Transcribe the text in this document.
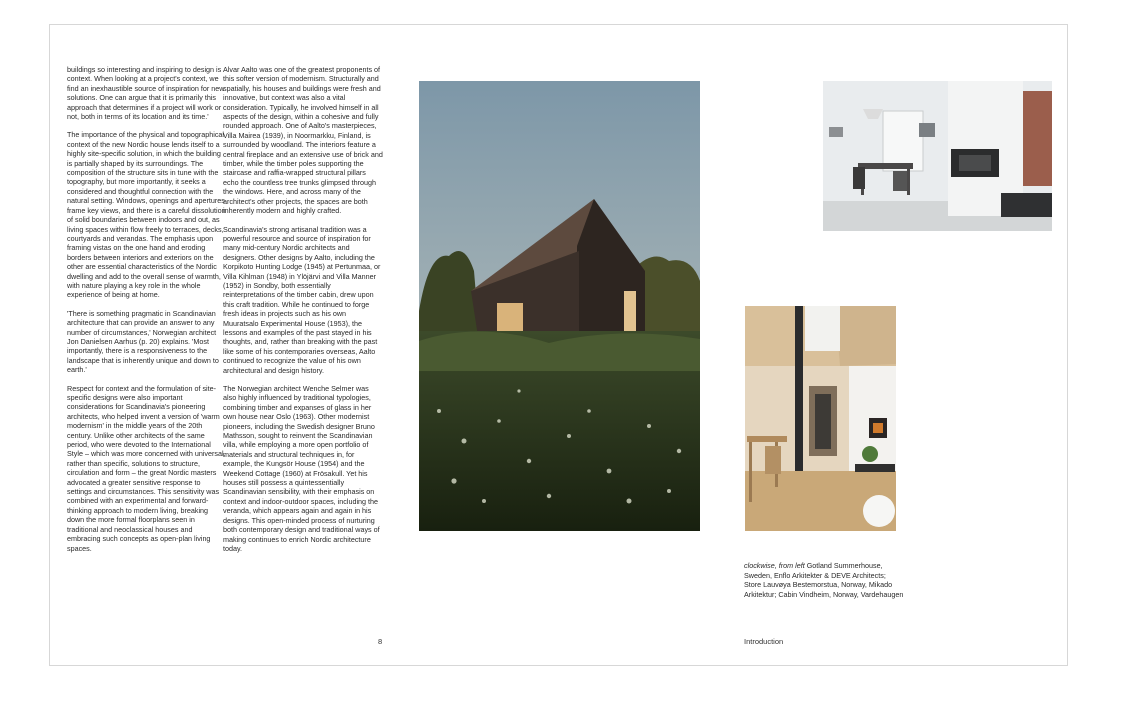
buildings so interesting and inspiring to design is context. When looking at a project's context, we find an inexhaustible source of inspiration for new solutions. One can argue that it is primarily this approach that determines if a project will work or not, both in terms of its location and its time.'

The importance of the physical and topographical context of the new Nordic house lends itself to a highly site-specific solution, in which the building is partially shaped by its surroundings. The composition of the structure sits in tune with the topography, but more importantly, it seeks a considered and thoughtful connection with the natural setting. Windows, openings and apertures frame key views, and there is a careful dissolution of solid boundaries between indoors and out, as living spaces within flow freely to terraces, decks, courtyards and verandas. The emphasis upon framing vistas on the one hand and eroding borders between interiors and exteriors on the other are essential characteristics of the Nordic dwelling and add to the overall sense of warmth, with nature playing a key role in the whole experience of being at home.

'There is something pragmatic in Scandinavian architecture that can provide an answer to any number of circumstances,' Norwegian architect Jon Danielsen Aarhus (p. 20) explains. 'Most importantly, there is a responsiveness to the landscape that is inherently unique and down to earth.'

Respect for context and the formulation of site-specific designs were also important considerations for Scandinavia's pioneering architects, who helped invent a version of 'warm modernism' in the middle years of the 20th century. Unlike other architects of the same period, who were devoted to the International Style – which was more concerned with universal, rather than specific, solutions to structure, circulation and form – the great Nordic masters advocated a greater sensitive response to settings and circumstances. This sensitivity was combined with an experimental and forward-thinking approach to modern living, breaking down the more formal floorplans seen in traditional and neoclassical houses and embracing such concepts as open-plan living spaces.

Alvar Aalto was one of the greatest proponents of this softer version of modernism. Structurally and spatially, his houses and buildings were fresh and innovative, but context was also a vital consideration. Typically, he involved himself in all aspects of the design, within a cohesive and fully rounded approach. One of Aalto's masterpieces, Villa Mairea (1939), in Noormarkku, Finland, is surrounded by woodland. The interiors feature a central fireplace and an extensive use of brick and timber, while the timber poles supporting the staircase and raffia-wrapped structural pillars echo the countless tree trunks glimpsed through the windows. Here, and across many of the architect's other projects, the spaces are both inherently modern and highly crafted.

Scandinavia's strong artisanal tradition was a powerful resource and source of inspiration for many mid-century Nordic architects and designers. Other designs by Aalto, including the Korpikoto Hunting Lodge (1945) at Pertunmaa, or Villa Kihlman (1948) in Ylöjärvi and Villa Manner (1952) in Sondby, both essentially reinterpretations of the timber cabin, drew upon this craft tradition. While he continued to forge fresh ideas in projects such as his own Muuratsalo Experimental House (1953), the lessons and examples of the past stayed in his thoughts, and, rather than breaking with the past like some of his contemporaries overseas, Aalto continued to recognize the value of his own architectural and design history.

The Norwegian architect Wenche Selmer was also highly influenced by traditional typologies, combining timber and expanses of glass in her own house near Oslo (1963). Other modernist pioneers, including the Swedish designer Bruno Mathsson, sought to reinvent the Scandinavian villa, while employing a more open portfolio of materials and structural techniques in, for example, the Kungsör House (1954) and the Weekend Cottage (1960) at Frösakull. Yet his houses still possess a quintessentially Scandinavian sensibility, with their emphasis on context and indoor-outdoor spaces, including the veranda, which appears again and again in his designs. This open-minded process of nurturing both contemporary design and traditional ways of making continues to enrich Nordic architecture today.

8
clockwise, from left Gotland Summerhouse, Sweden, Enflo Arkitekter & DEVE Architects; Store Lauvøya Bestemorstua, Norway, Mikado Arkitektur; Cabin Vindheim, Norway, Vardehaugen
Introduction
